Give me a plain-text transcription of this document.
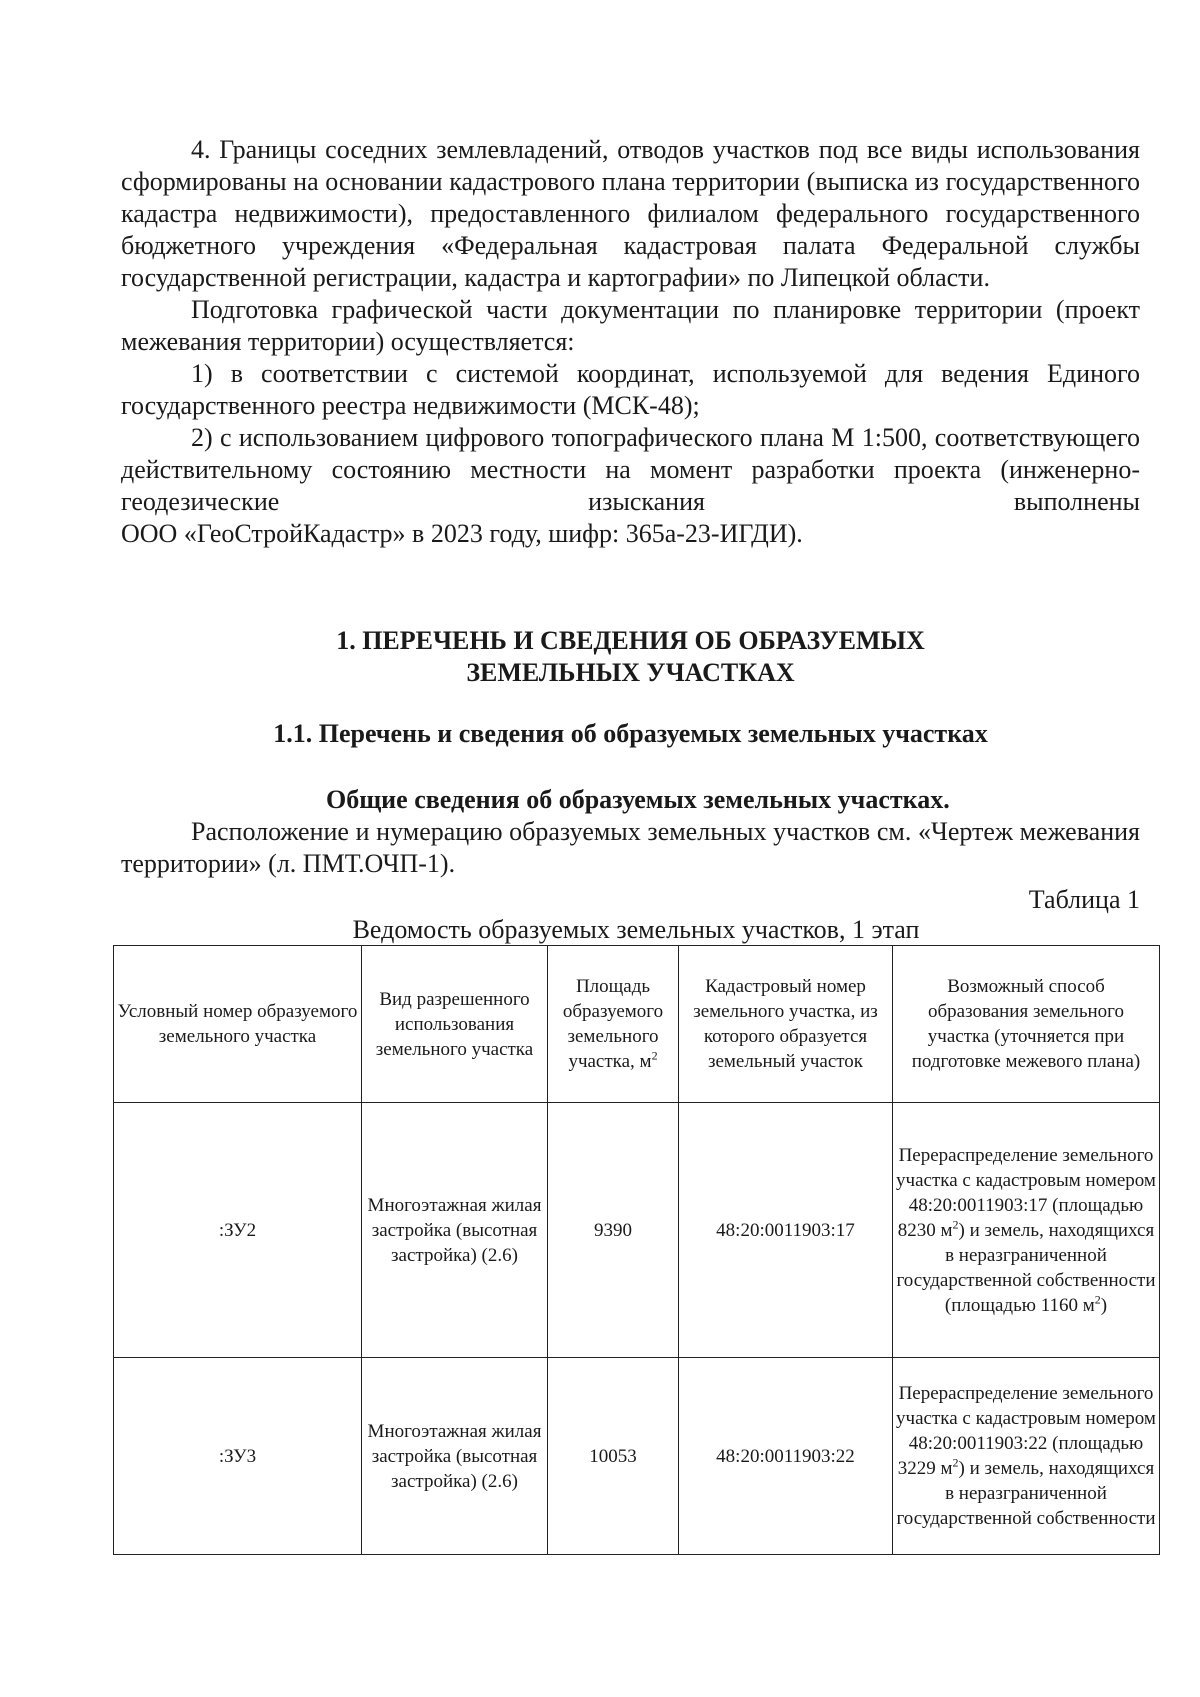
4. Границы соседних землевладений, отводов участков под все виды использования сформированы на основании кадастрового плана территории (выписка из государственного кадастра недвижимости), предоставленного филиалом федерального государственного бюджетного учреждения «Федеральная кадастровая палата Федеральной службы государственной регистрации, кадастра и картографии» по Липецкой области.

Подготовка графической части документации по планировке территории (проект межевания территории) осуществляется:

1) в соответствии с системой координат, используемой для ведения Единого государственного реестра недвижимости (МСК-48);

2) с использованием цифрового топографического плана М 1:500, соответствующего действительному состоянию местности на момент разработки проекта (инженерно-геодезические изыскания выполнены

ООО «ГеоСтройКадастр» в 2023 году, шифр: 365а-23-ИГДИ).

1. ПЕРЕЧЕНЬ И СВЕДЕНИЯ ОБ ОБРАЗУЕМЫХ

ЗЕМЕЛЬНЫХ УЧАСТКАХ

1.1. Перечень и сведения об образуемых земельных участках

Общие сведения об образуемых земельных участках.

Расположение и нумерацию образуемых земельных участков см. «Чертеж межевания территории» (л. ПМТ.ОЧП-1).

Таблица 1

Ведомость образуемых земельных участков, 1 этап

Условный номер образуемого земельного участка	Вид разрешенного использования земельного участка	Площадь образуемого земельного участка, $м^2$	Кадастровый номер земельного участка, из которого образуется земельный участок	Возможный способ образования земельного участка (уточняется при подготовке межевого плана)
:ЗУ2	Многоэтажная жилая застройка (высотная застройка) (2.6)	9390	48:20:0011903:17	Перераспределение земельного участка с кадастровым номером 48:20:0011903:17 (площадью 8230 $м^2$) и земель, находящихся в неразграниченной государственной собственности (площадью 1160 $м^2$)
:ЗУ3	Многоэтажная жилая застройка (высотная застройка) (2.6)	10053	48:20:0011903:22	Перераспределение земельного участка с кадастровым номером 48:20:0011903:22 (площадью 3229 $м^2$) и земель, находящихся в неразграниченной государственной собственности
